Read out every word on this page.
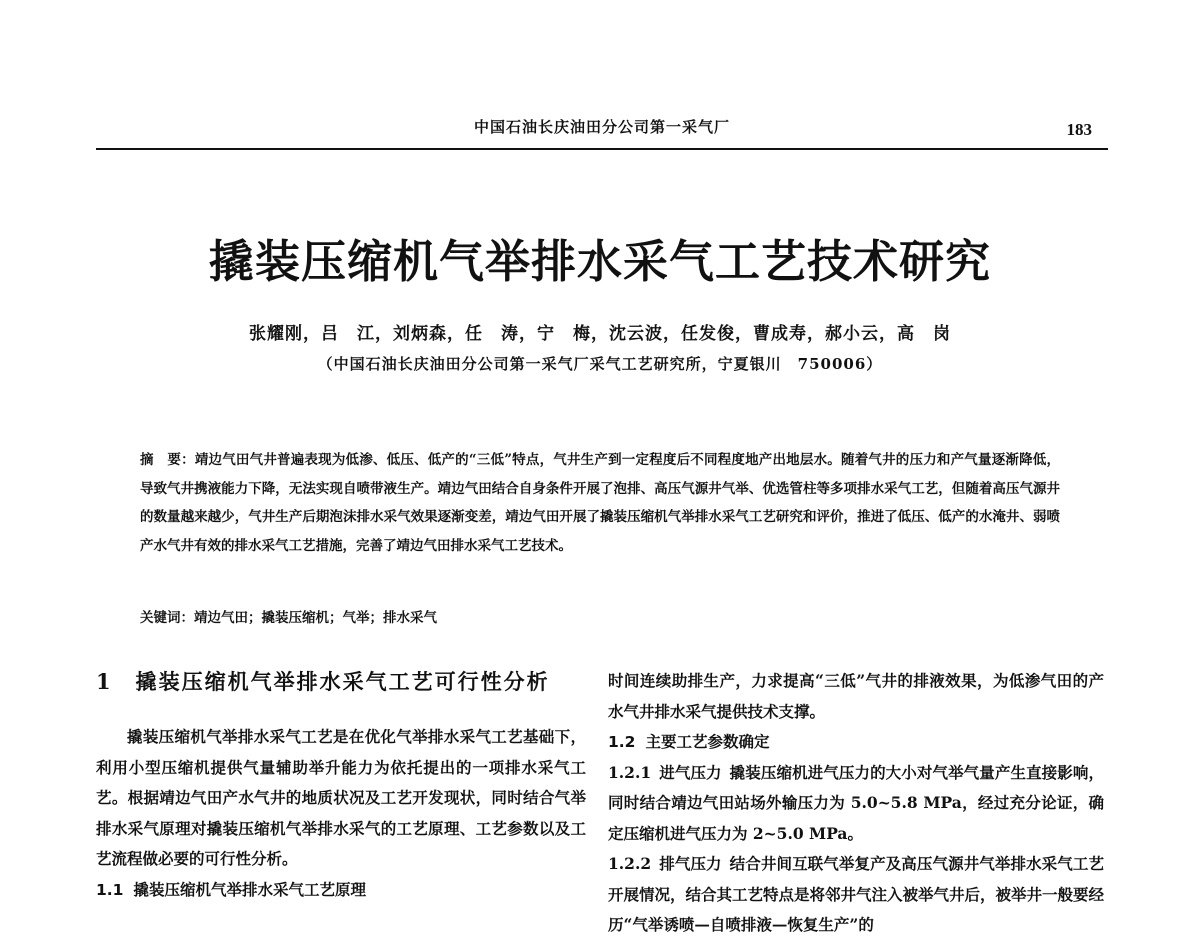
中国石油长庆油田分公司第一采气厂	183
撬装压缩机气举排水采气工艺技术研究
张耀刚，吕　江，刘炳森，任　涛，宁　梅，沈云波，任发俊，曹成寿，郝小云，高　岗
（中国石油长庆油田分公司第一采气厂采气工艺研究所，宁夏银川　750006）

摘　要：靖边气田气井普遍表现为低渗、低压、低产的“三低”特点，气井生产到一定程度后不同程度地产出地层水。随着气井的压力和产气量逐渐降低，导致气井携液能力下降，无法实现自喷带液生产。靖边气田结合自身条件开展了泡排、高压气源井气举、优选管柱等多项排水采气工艺，但随着高压气源井的数量越来越少，气井生产后期泡沫排水采气效果逐渐变差，靖边气田开展了撬装压缩机气举排水采气工艺研究和评价，推进了低压、低产的水淹井、弱喷产水气井有效的排水采气工艺措施，完善了靖边气田排水采气工艺技术。

关键词：靖边气田；撬装压缩机；气举；排水采气
1　撬装压缩机气举排水采气工艺可行性分析

撬装压缩机气举排水采气工艺是在优化气举排水采气工艺基础下，利用小型压缩机提供气量辅助举升能力为依托提出的一项排水采气工艺。根据靖边气田产水气井的地质状况及工艺开发现状，同时结合气举排水采气原理对撬装压缩机气举排水采气的工艺原理、工艺参数以及工艺流程做必要的可行性分析。

1.1 撬装压缩机气举排水采气工艺原理

时间连续助排生产，力求提高“三低”气井的排液效果，为低渗气田的产水气井排水采气提供技术支撑。

1.2 主要工艺参数确定

1.2.1 进气压力 撬装压缩机进气压力的大小对气举气量产生直接影响，同时结合靖边气田站场外输压力为 5.0~5.8 MPa，经过充分论证，确定压缩机进气压力为 2~5.0 MPa。

1.2.2 排气压力 结合井间互联气举复产及高压气源井气举排水采气工艺开展情况，结合其工艺特点是将邻井气注入被举气井后，被举井一般要经历“气举诱喷—自喷排液—恢复生产”的
